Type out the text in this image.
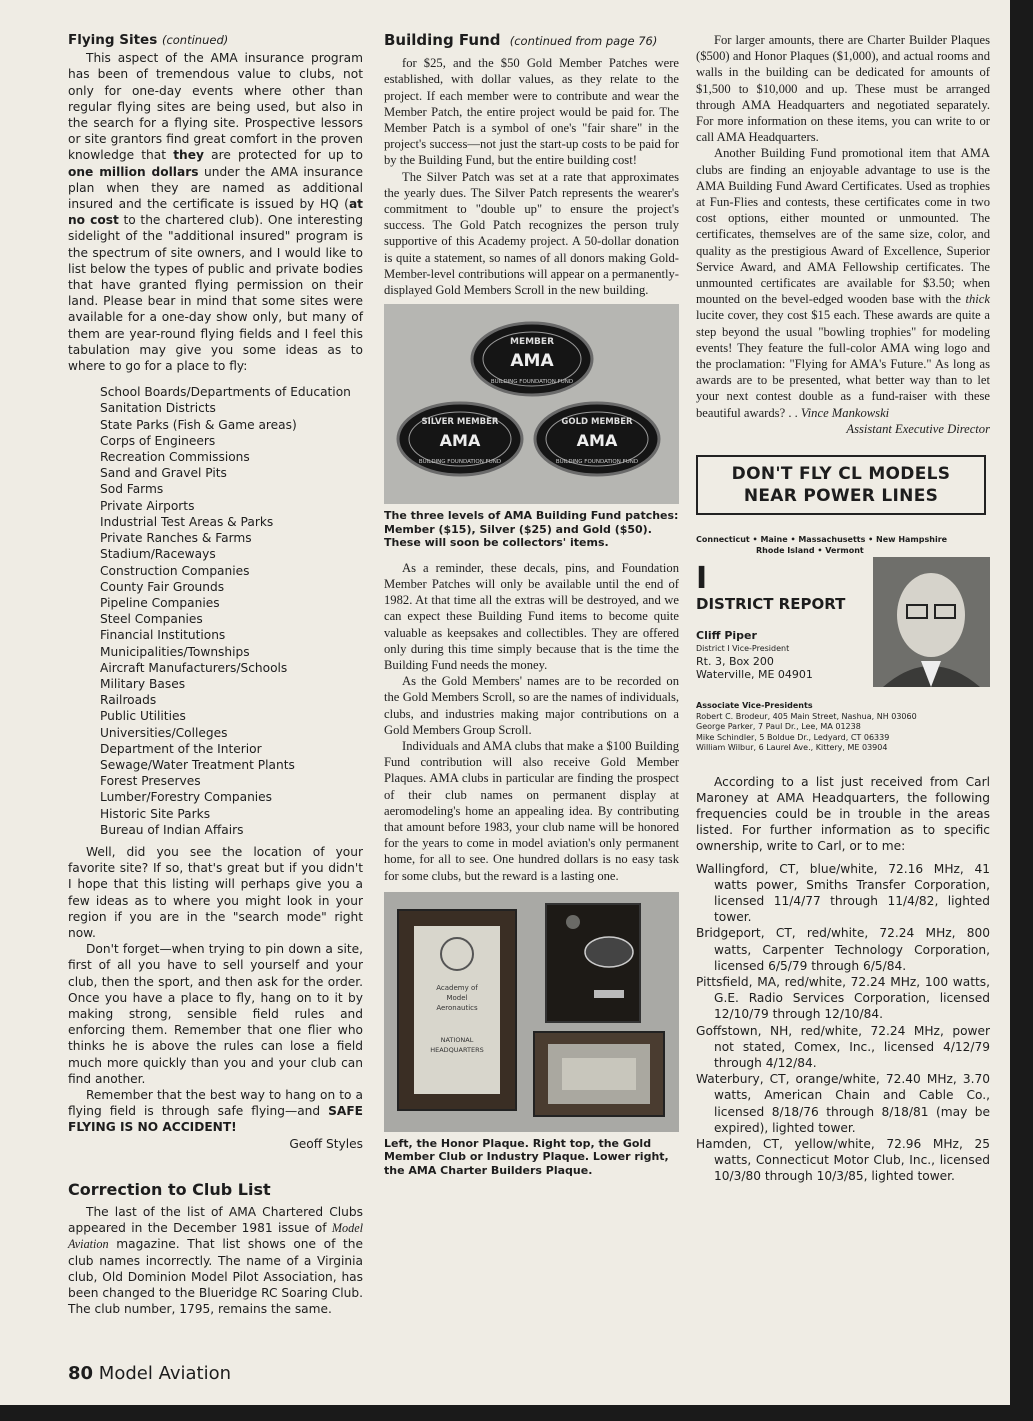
Flying Sites (continued)

This aspect of the AMA insurance program has been of tremendous value to clubs, not only for one-day events where other than regular flying sites are being used, but also in the search for a flying site. Prospective lessors or site grantors find great comfort in the proven knowledge that they are protected for up to one million dollars under the AMA insurance plan when they are named as additional insured and the certificate is issued by HQ (at no cost to the chartered club). One interesting sidelight of the "additional insured" program is the spectrum of site owners, and I would like to list below the types of public and private bodies that have granted flying permission on their land. Please bear in mind that some sites were available for a one-day show only, but many of them are year-round flying fields and I feel this tabulation may give you some ideas as to where to go for a place to fly:

School Boards/Departments of Education
Sanitation Districts
State Parks (Fish & Game areas)
Corps of Engineers
Recreation Commissions
Sand and Gravel Pits
Sod Farms
Private Airports
Industrial Test Areas & Parks
Private Ranches & Farms
Stadium/Raceways
Construction Companies
County Fair Grounds
Pipeline Companies
Steel Companies
Financial Institutions
Municipalities/Townships
Aircraft Manufacturers/Schools
Military Bases
Railroads
Public Utilities
Universities/Colleges
Department of the Interior
Sewage/Water Treatment Plants
Forest Preserves
Lumber/Forestry Companies
Historic Site Parks
Bureau of Indian Affairs

Well, did you see the location of your favorite site? If so, that's great but if you didn't I hope that this listing will perhaps give you a few ideas as to where you might look in your region if you are in the "search mode" right now.

Don't forget—when trying to pin down a site, first of all you have to sell yourself and your club, then the sport, and then ask for the order. Once you have a place to fly, hang on to it by making strong, sensible field rules and enforcing them. Remember that one flier who thinks he is above the rules can lose a field much more quickly than you and your club can find another.

Remember that the best way to hang on to a flying field is through safe flying—and SAFE FLYING IS NO ACCIDENT!

Geoff Styles
Correction to Club List

The last of the list of AMA Chartered Clubs appeared in the December 1981 issue of Model Aviation magazine. That list shows one of the club names incorrectly. The name of a Virginia club, Old Dominion Model Pilot Association, has been changed to the Blueridge RC Soaring Club. The club number, 1795, remains the same.

Building Fund (continued from page 76)

for $25, and the $50 Gold Member Patches were established, with dollar values, as they relate to the project. If each member were to contribute and wear the Member Patch, the entire project would be paid for. The Member Patch is a symbol of one's "fair share" in the project's success—not just the start-up costs to be paid for by the Building Fund, but the entire building cost!

The Silver Patch was set at a rate that approximates the yearly dues. The Silver Patch represents the wearer's commitment to "double up" to ensure the project's success. The Gold Patch recognizes the person truly supportive of this Academy project. A 50-dollar donation is quite a statement, so names of all donors making Gold-Member-level contributions will appear on a permanently-displayed Gold Members Scroll in the new building.

MEMBER
AMA
BUILDING FOUNDATION FUND
SILVER MEMBER
AMA
BUILDING FOUNDATION FUND
GOLD MEMBER
AMA
BUILDING FOUNDATION FUND
The three levels of AMA Building Fund patches: Member ($15), Silver ($25) and Gold ($50). These will soon be collectors' items.

As a reminder, these decals, pins, and Foundation Member Patches will only be available until the end of 1982. At that time all the extras will be destroyed, and we can expect these Building Fund items to become quite valuable as keepsakes and collectibles. They are offered only during this time simply because that is the time the Building Fund needs the money.

As the Gold Members' names are to be recorded on the Gold Members Scroll, so are the names of individuals, clubs, and industries making major contributions on a Gold Members Group Scroll.

Individuals and AMA clubs that make a $100 Building Fund contribution will also receive Gold Member Plaques. AMA clubs in particular are finding the prospect of their club names on permanent display at aeromodeling's home an appealing idea. By contributing that amount before 1983, your club name will be honored for the years to come in model aviation's only permanent home, for all to see. One hundred dollars is no easy task for some clubs, but the reward is a lasting one.

Academy of
Model
Aeronautics
NATIONAL
HEADQUARTERS
Left, the Honor Plaque. Right top, the Gold Member Club or Industry Plaque. Lower right, the AMA Charter Builders Plaque.

For larger amounts, there are Charter Builder Plaques ($500) and Honor Plaques ($1,000), and actual rooms and walls in the building can be dedicated for amounts of $1,500 to $10,000 and up. These must be arranged through AMA Headquarters and negotiated separately. For more information on these items, you can write to or call AMA Headquarters.

Another Building Fund promotional item that AMA clubs are finding an enjoyable advantage to use is the AMA Building Fund Award Certificates. Used as trophies at Fun-Flies and contests, these certificates come in two cost options, either mounted or unmounted. The certificates, themselves are of the same size, color, and quality as the prestigious Award of Excellence, Superior Service Award, and AMA Fellowship certificates. The unmounted certificates are available for $3.50; when mounted on the bevel-edged wooden base with the thick lucite cover, they cost $15 each. These awards are quite a step beyond the usual "bowling trophies" for modeling events! They feature the full-color AMA wing logo and the proclamation: "Flying for AMA's Future." As long as awards are to be presented, what better way than to let your next contest double as a fund-raiser with these beautiful awards? . . Vince Mankowski

Assistant Executive Director
DON'T FLY CL MODELS
NEAR POWER LINES
Connecticut • Maine • Massachusetts • New Hampshire
Rhode Island • Vermont
I
DISTRICT REPORT
Cliff Piper
District I Vice-President
Rt. 3, Box 200
Waterville, ME 04901
Associate Vice-Presidents
Robert C. Brodeur, 405 Main Street, Nashua, NH 03060
George Parker, 7 Paul Dr., Lee, MA 01238
Mike Schindler, 5 Boldue Dr., Ledyard, CT 06339
William Wilbur, 6 Laurel Ave., Kittery, ME 03904

According to a list just received from Carl Maroney at AMA Headquarters, the following frequencies could be in trouble in the areas listed. For further information as to specific ownership, write to Carl, or to me:

Wallingford, CT, blue/white, 72.16 MHz, 41 watts power, Smiths Transfer Corporation, licensed 11/4/77 through 11/4/82, lighted tower.

Bridgeport, CT, red/white, 72.24 MHz, 800 watts, Carpenter Technology Corporation, licensed 6/5/79 through 6/5/84.

Pittsfield, MA, red/white, 72.24 MHz, 100 watts, G.E. Radio Services Corporation, licensed 12/10/79 through 12/10/84.

Goffstown, NH, red/white, 72.24 MHz, power not stated, Comex, Inc., licensed 4/12/79 through 4/12/84.

Waterbury, CT, orange/white, 72.40 MHz, 3.70 watts, American Chain and Cable Co., licensed 8/18/76 through 8/18/81 (may be expired), lighted tower.

Hamden, CT, yellow/white, 72.96 MHz, 25 watts, Connecticut Motor Club, Inc., licensed 10/3/80 through 10/3/85, lighted tower.

80 Model Aviation
